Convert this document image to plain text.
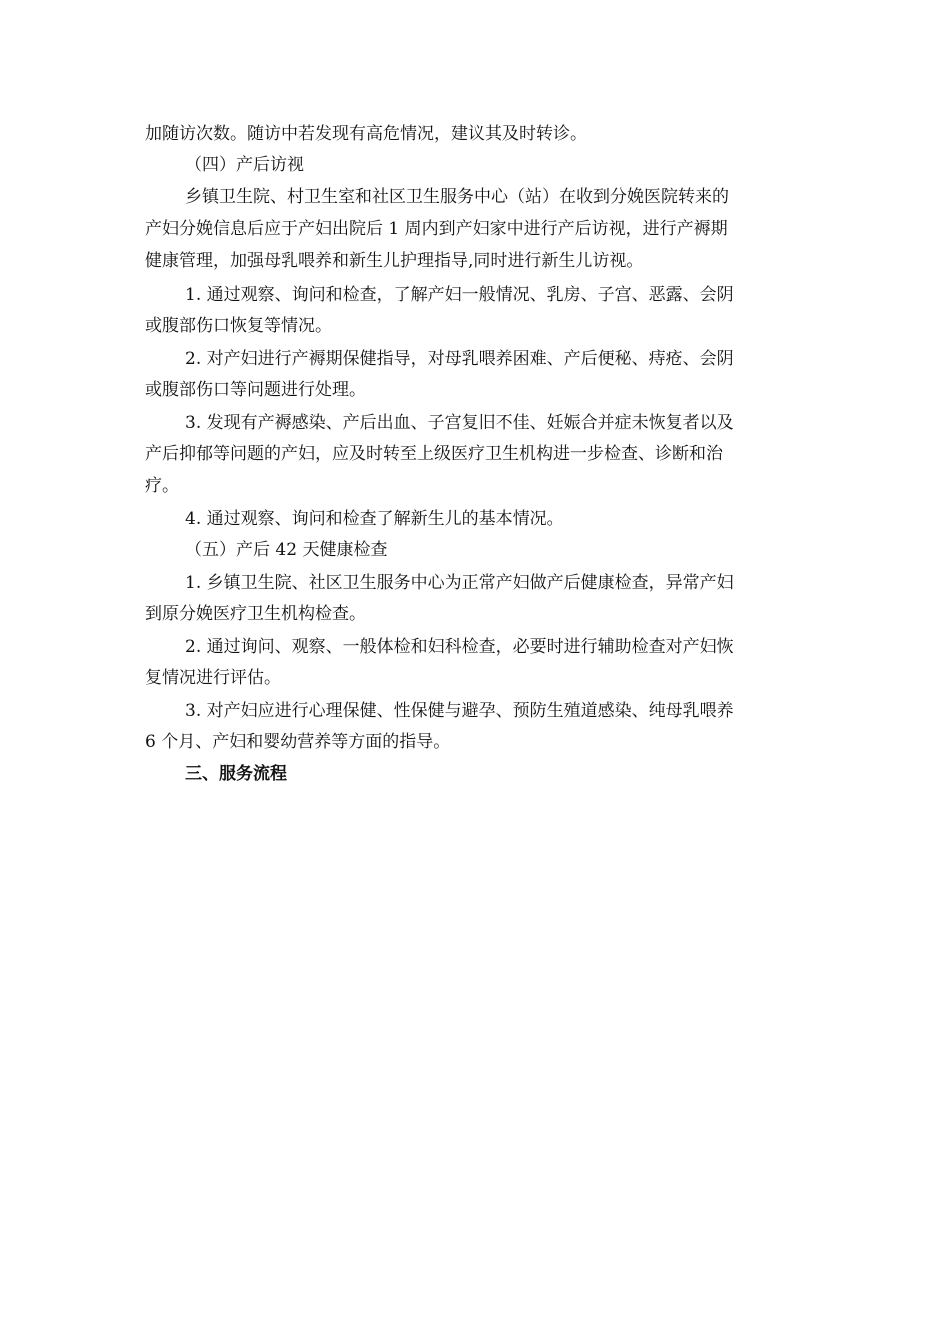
加随访次数。随访中若发现有高危情况，建议其及时转诊。
（四）产后访视
乡镇卫生院、村卫生室和社区卫生服务中心（站）在收到分娩医院转来的
产妇分娩信息后应于产妇出院后 1 周内到产妇家中进行产后访视，进行产褥期
健康管理，加强母乳喂养和新生儿护理指导,同时进行新生儿访视。
1. 通过观察、询问和检查，了解产妇一般情况、乳房、子宫、恶露、会阴
或腹部伤口恢复等情况。
2. 对产妇进行产褥期保健指导，对母乳喂养困难、产后便秘、痔疮、会阴
或腹部伤口等问题进行处理。
3. 发现有产褥感染、产后出血、子宫复旧不佳、妊娠合并症未恢复者以及
产后抑郁等问题的产妇，应及时转至上级医疗卫生机构进一步检查、诊断和治
疗。
4. 通过观察、询问和检查了解新生儿的基本情况。
（五）产后 42 天健康检查
1. 乡镇卫生院、社区卫生服务中心为正常产妇做产后健康检查，异常产妇
到原分娩医疗卫生机构检查。
2. 通过询问、观察、一般体检和妇科检查，必要时进行辅助检查对产妇恢
复情况进行评估。
3. 对产妇应进行心理保健、性保健与避孕、预防生殖道感染、纯母乳喂养
6 个月、产妇和婴幼营养等方面的指导。
三、服务流程
